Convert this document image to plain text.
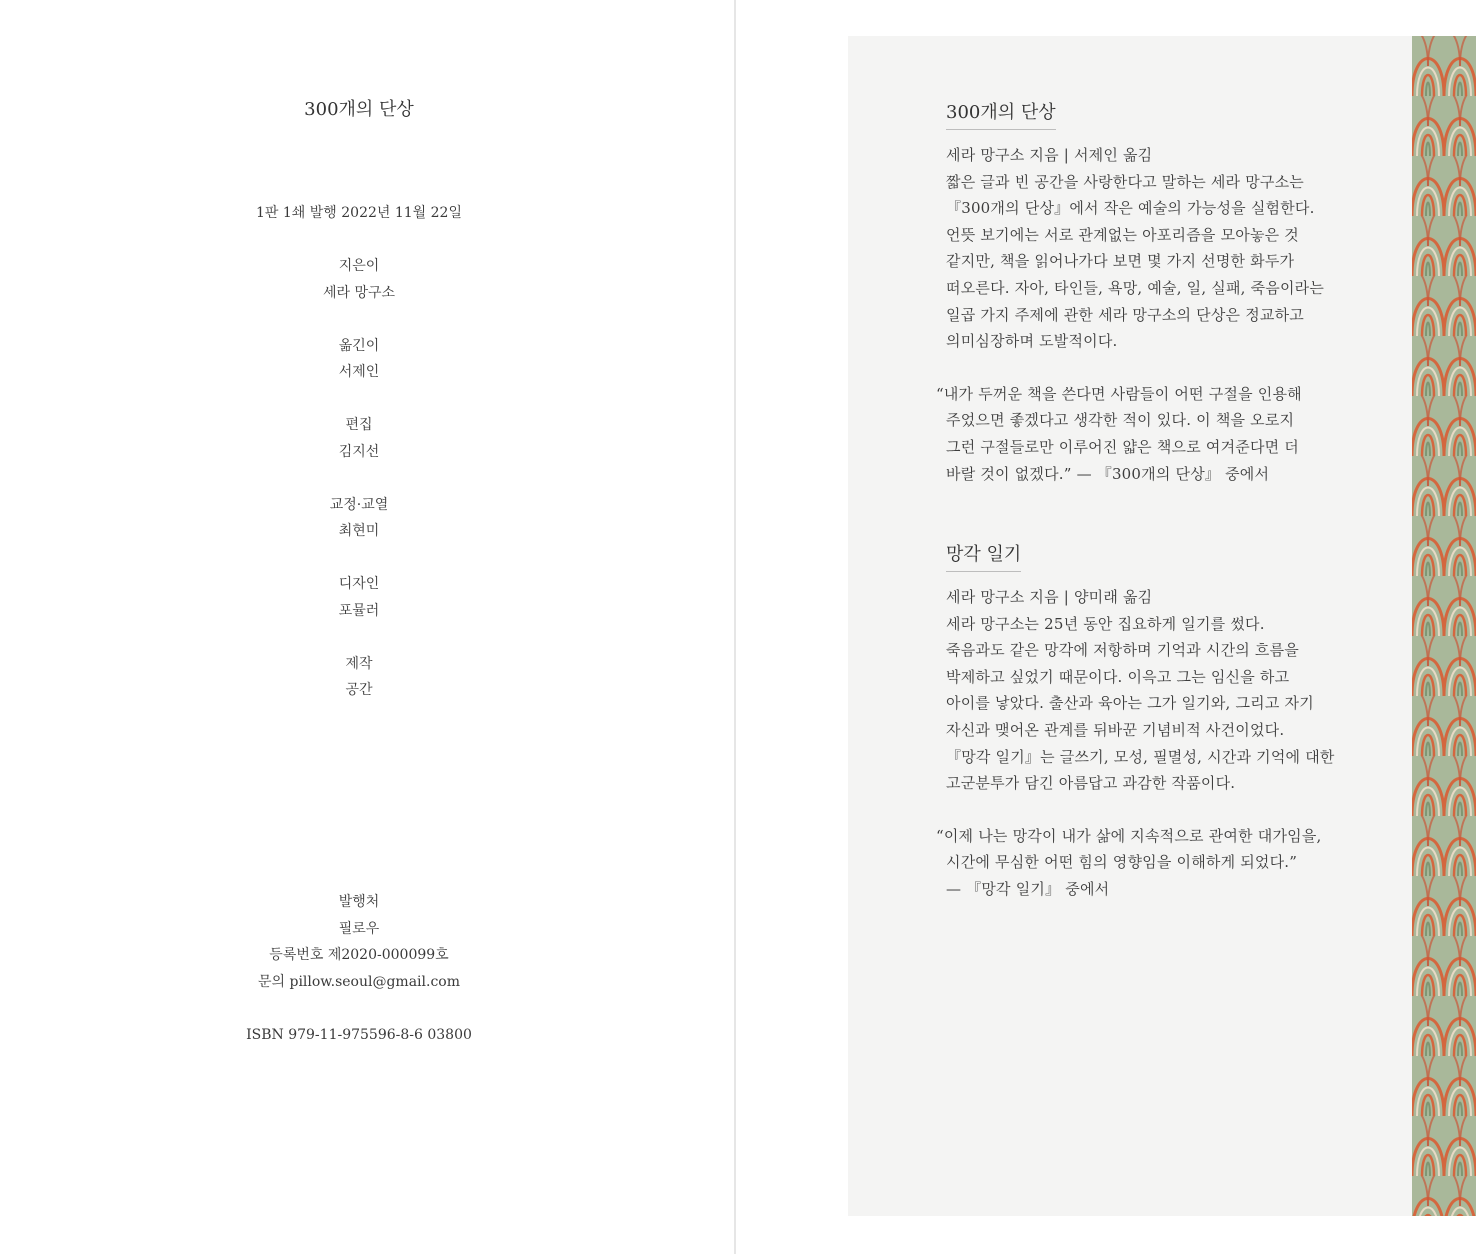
300개의 단상
1판 1쇄 발행 2022년 11월 22일
지은이
세라 망구소
옮긴이
서제인
편집
김지선
교정·교열
최현미
디자인
포뮬러
제작
공간
발행처
필로우
등록번호 제2020-000099호
문의 pillow.seoul@gmail.com
ISBN 979-11-975596-8-6 03800
300개의 단상
세라 망구소 지음 | 서제인 옮김
짧은 글과 빈 공간을 사랑한다고 말하는 세라 망구소는
『300개의 단상』에서 작은 예술의 가능성을 실험한다.
언뜻 보기에는 서로 관계없는 아포리즘을 모아놓은 것
같지만, 책을 읽어나가다 보면 몇 가지 선명한 화두가
떠오른다. 자아, 타인들, 욕망, 예술, 일, 실패, 죽음이라는
일곱 가지 주제에 관한 세라 망구소의 단상은 정교하고
의미심장하며 도발적이다.
“내가 두꺼운 책을 쓴다면 사람들이 어떤 구절을 인용해
주었으면 좋겠다고 생각한 적이 있다. 이 책을 오로지
그런 구절들로만 이루어진 얇은 책으로 여겨준다면 더
바랄 것이 없겠다.” — 『300개의 단상』 중에서
망각 일기
세라 망구소 지음 | 양미래 옮김
세라 망구소는 25년 동안 집요하게 일기를 썼다.
죽음과도 같은 망각에 저항하며 기억과 시간의 흐름을
박제하고 싶었기 때문이다. 이윽고 그는 임신을 하고
아이를 낳았다. 출산과 육아는 그가 일기와, 그리고 자기
자신과 맺어온 관계를 뒤바꾼 기념비적 사건이었다.
『망각 일기』는 글쓰기, 모성, 필멸성, 시간과 기억에 대한
고군분투가 담긴 아름답고 과감한 작품이다.
“이제 나는 망각이 내가 삶에 지속적으로 관여한 대가임을,
시간에 무심한 어떤 힘의 영향임을 이해하게 되었다.”
— 『망각 일기』 중에서
